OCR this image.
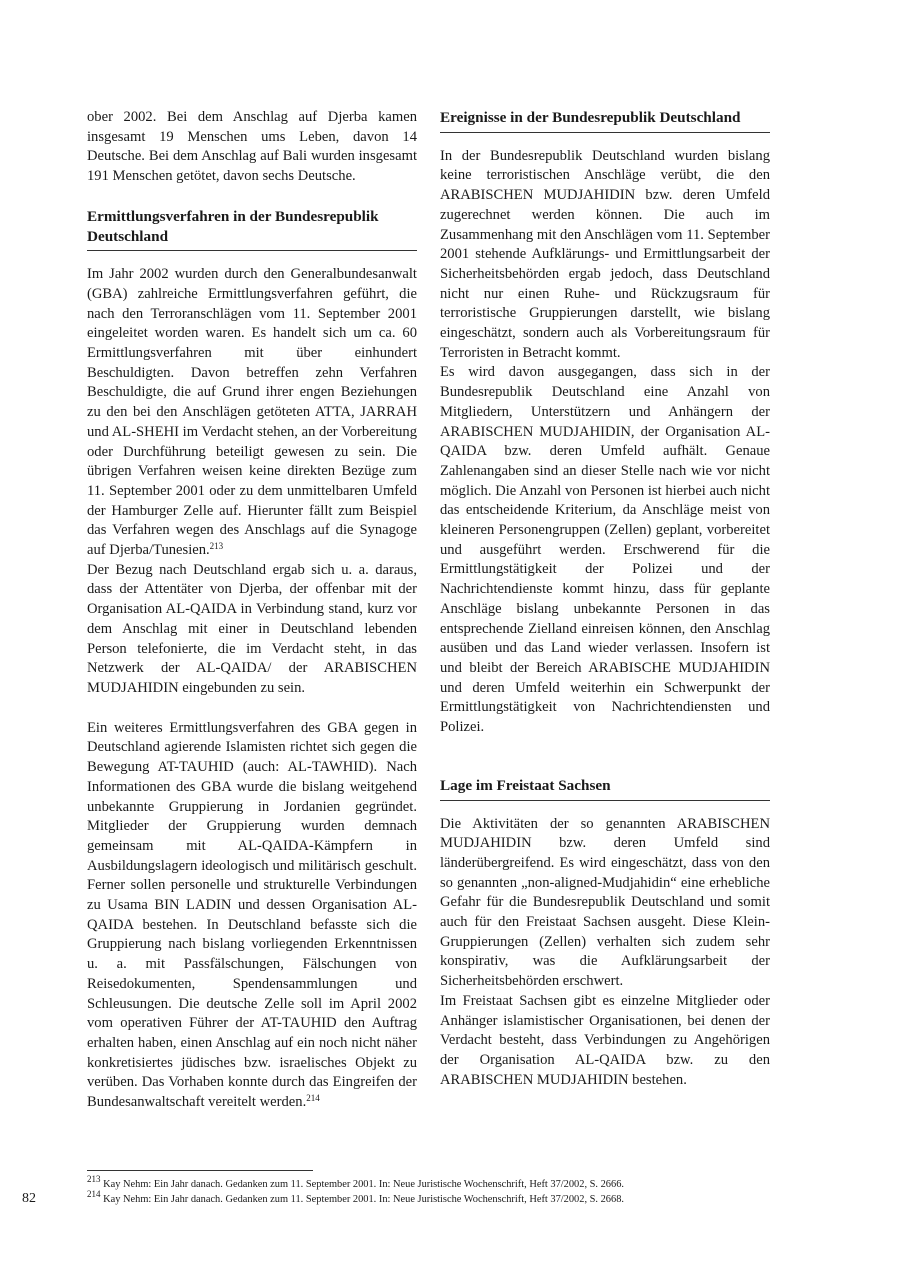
ober 2002. Bei dem Anschlag auf Djerba kamen insgesamt 19 Menschen ums Leben, davon 14 Deutsche. Bei dem Anschlag auf Bali wurden insgesamt 191 Menschen getötet, davon sechs Deutsche.

Ermittlungsverfahren in der Bundesrepublik Deutschland

Im Jahr 2002 wurden durch den Generalbundesanwalt (GBA) zahlreiche Ermittlungsverfahren geführt, die nach den Terroranschlägen vom 11. September 2001 eingeleitet worden waren. Es handelt sich um ca. 60 Ermittlungsverfahren mit über einhundert Beschuldigten. Davon betreffen zehn Verfahren Beschuldigte, die auf Grund ihrer engen Beziehungen zu den bei den Anschlägen getöteten ATTA, JARRAH und AL-SHEHI im Verdacht stehen, an der Vorbereitung oder Durchführung beteiligt gewesen zu sein. Die übrigen Verfahren weisen keine direkten Bezüge zum 11. September 2001 oder zu dem unmittelbaren Umfeld der Hamburger Zelle auf. Hierunter fällt zum Beispiel das Verfahren wegen des Anschlags auf die Synagoge auf Djerba/Tunesien.$^{213}$

Der Bezug nach Deutschland ergab sich u. a. daraus, dass der Attentäter von Djerba, der offenbar mit der Organisation AL-QAIDA in Verbindung stand, kurz vor dem Anschlag mit einer in Deutschland lebenden Person telefonierte, die im Verdacht steht, in das Netzwerk der AL-QAIDA/ der ARABISCHEN MUDJAHIDIN eingebunden zu sein.

Ein weiteres Ermittlungsverfahren des GBA gegen in Deutschland agierende Islamisten richtet sich gegen die Bewegung AT-TAUHID (auch: AL-TAWHID). Nach Informationen des GBA wurde die bislang weitgehend unbekannte Gruppierung in Jordanien gegründet. Mitglieder der Gruppierung wurden demnach gemeinsam mit AL-QAIDA-Kämpfern in Ausbildungslagern ideologisch und militärisch geschult. Ferner sollen personelle und strukturelle Verbindungen zu Usama BIN LADIN und dessen Organisation AL-QAIDA bestehen. In Deutschland befasste sich die Gruppierung nach bislang vorliegenden Erkenntnissen u. a. mit Passfälschungen, Fälschungen von Reisedokumenten, Spendensammlungen und Schleusungen. Die deutsche Zelle soll im April 2002 vom operativen Führer der AT-TAUHID den Auftrag erhalten haben, einen Anschlag auf ein noch nicht näher konkretisiertes jüdisches bzw. israelisches Objekt zu verüben. Das Vorhaben konnte durch das Eingreifen der Bundesanwaltschaft vereitelt werden.$^{214}$

Ereignisse in der Bundesrepublik Deutschland

In der Bundesrepublik Deutschland wurden bislang keine terroristischen Anschläge verübt, die den ARABISCHEN MUDJAHIDIN bzw. deren Umfeld zugerechnet werden können. Die auch im Zusammenhang mit den Anschlägen vom 11. September 2001 stehende Aufklärungs- und Ermittlungsarbeit der Sicherheitsbehörden ergab jedoch, dass Deutschland nicht nur einen Ruhe- und Rückzugsraum für terroristische Gruppierungen darstellt, wie bislang eingeschätzt, sondern auch als Vorbereitungsraum für Terroristen in Betracht kommt.

Es wird davon ausgegangen, dass sich in der Bundesrepublik Deutschland eine Anzahl von Mitgliedern, Unterstützern und Anhängern der ARABISCHEN MUDJAHIDIN, der Organisation AL-QAIDA bzw. deren Umfeld aufhält. Genaue Zahlenangaben sind an dieser Stelle nach wie vor nicht möglich. Die Anzahl von Personen ist hierbei auch nicht das entscheidende Kriterium, da Anschläge meist von kleineren Personengruppen (Zellen) geplant, vorbereitet und ausgeführt werden. Erschwerend für die Ermittlungstätigkeit der Polizei und der Nachrichtendienste kommt hinzu, dass für geplante Anschläge bislang unbekannte Personen in das entsprechende Zielland einreisen können, den Anschlag ausüben und das Land wieder verlassen. Insofern ist und bleibt der Bereich ARABISCHE MUDJAHIDIN und deren Umfeld weiterhin ein Schwerpunkt der Ermittlungstätigkeit von Nachrichtendiensten und Polizei.

Lage im Freistaat Sachsen

Die Aktivitäten der so genannten ARABISCHEN MUDJAHIDIN bzw. deren Umfeld sind länderübergreifend. Es wird eingeschätzt, dass von den so genannten „non-aligned-Mudjahidin“ eine erhebliche Gefahr für die Bundesrepublik Deutschland und somit auch für den Freistaat Sachsen ausgeht. Diese Klein-Gruppierungen (Zellen) verhalten sich zudem sehr konspirativ, was die Aufklärungsarbeit der Sicherheitsbehörden erschwert.

Im Freistaat Sachsen gibt es einzelne Mitglieder oder Anhänger islamistischer Organisationen, bei denen der Verdacht besteht, dass Verbindungen zu Angehörigen der Organisation AL-QAIDA bzw. zu den ARABISCHEN MUDJAHIDIN bestehen.

$^{213}$ Kay Nehm: Ein Jahr danach. Gedanken zum 11. September 2001. In: Neue Juristische Wochenschrift, Heft 37/2002, S. 2666.
$^{214}$ Kay Nehm: Ein Jahr danach. Gedanken zum 11. September 2001. In: Neue Juristische Wochenschrift, Heft 37/2002, S. 2668.
82
